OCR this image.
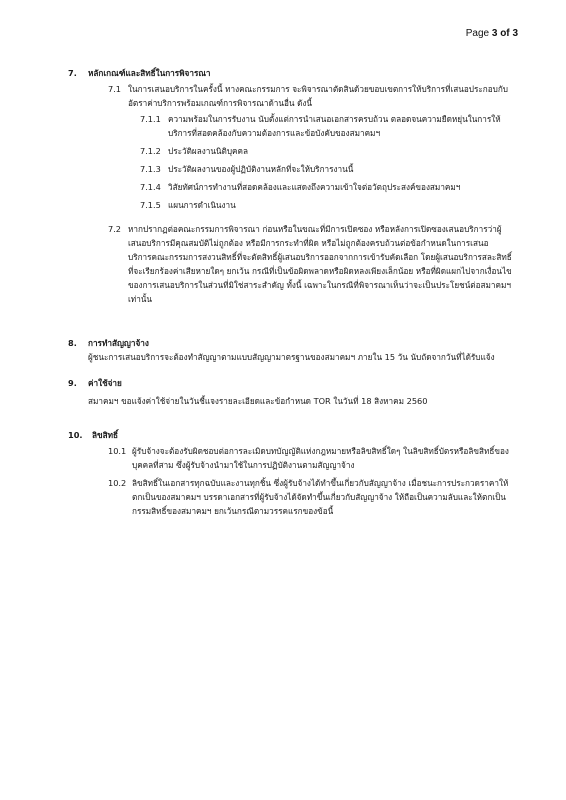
Page 3 of 3
7.	หลักเกณฑ์และสิทธิ์ในการพิจารณา
7.1 ในการเสนอบริการในครั้งนี้ ทางคณะกรรมการ จะพิจารณาตัดสินด้วยขอบเขตการให้บริการที่เสนอประกอบกับอัตราค่าบริการพร้อมเกณฑ์การพิจารณาด้านอื่น ดังนี้
7.1.1 ความพร้อมในการรับงาน นับตั้งแต่การนำเสนอเอกสารครบถ้วน ตลอดจนความยืดหยุ่นในการให้บริการที่สอดคล้องกับความต้องการและข้อบังคับของสมาคมฯ
7.1.2 ประวัติผลงานนิติบุคคล
7.1.3 ประวัติผลงานของผู้ปฏิบัติงานหลักที่จะให้บริการงานนี้
7.1.4 วิสัยทัศน์การทำงานที่สอดคล้องและแสดงถึงความเข้าใจต่อวัตถุประสงค์ของสมาคมฯ
7.1.5 แผนการดำเนินงาน
7.2 หากปรากฏต่อคณะกรรมการพิจารณา ก่อนหรือในขณะที่มีการเปิดซอง หรือหลังการเปิดซองเสนอบริการว่าผู้เสนอบริการมีคุณสมบัติไม่ถูกต้อง หรือมีการกระทำที่ผิด หรือไม่ถูกต้องครบถ้วนต่อข้อกำหนดในการเสนอบริการคณะกรรมการสงวนสิทธิ์ที่จะตัดสิทธิ์ผู้เสนอบริการออกจากการเข้ารับคัดเลือก โดยผู้เสนอบริการสละสิทธิ์ที่จะเรียกร้องค่าเสียหายใดๆ ยกเว้น กรณีที่เป็นข้อผิดพลาดหรือผิดหลงเพียงเล็กน้อย หรือที่ผิดแผกไปจากเงื่อนไขของการเสนอบริการในส่วนที่มิใช่สาระสำคัญ ทั้งนี้ เฉพาะในกรณีที่พิจารณาเห็นว่าจะเป็นประโยชน์ต่อสมาคมฯเท่านั้น
8.	การทำสัญญาจ้าง

ผู้ชนะการเสนอบริการจะต้องทำสัญญาตามแบบสัญญามาตรฐานของสมาคมฯ ภายใน 15 วัน นับถัดจากวันที่ได้รับแจ้ง

9.	ค่าใช้จ่าย

สมาคมฯ ขอแจ้งค่าใช้จ่ายในวันชี้แจงรายละเอียดและข้อกำหนด TOR ในวันที่ 18 สิงหาคม 2560

10.	ลิขสิทธิ์
10.1 ผู้รับจ้างจะต้องรับผิดชอบต่อการละเมิดบทบัญญัติแห่งกฎหมายหรือลิขสิทธิ์ใดๆ ในลิขสิทธิ์บัตรหรือลิขสิทธิ์ของบุคคลที่สาม ซึ่งผู้รับจ้างนำมาใช้ในการปฏิบัติงานตามสัญญาจ้าง
10.2 ลิขสิทธิ์ในเอกสารทุกฉบับและงานทุกชิ้น ซึ่งผู้รับจ้างได้ทำขึ้นเกี่ยวกับสัญญาจ้าง เมื่อชนะการประกวดราคาให้ตกเป็นของสมาคมฯ บรรดาเอกสารที่ผู้รับจ้างได้จัดทำขึ้นเกี่ยวกับสัญญาจ้าง ให้ถือเป็นความลับและให้ตกเป็นกรรมสิทธิ์ของสมาคมฯ ยกเว้นกรณีตามวรรคแรกของข้อนี้
